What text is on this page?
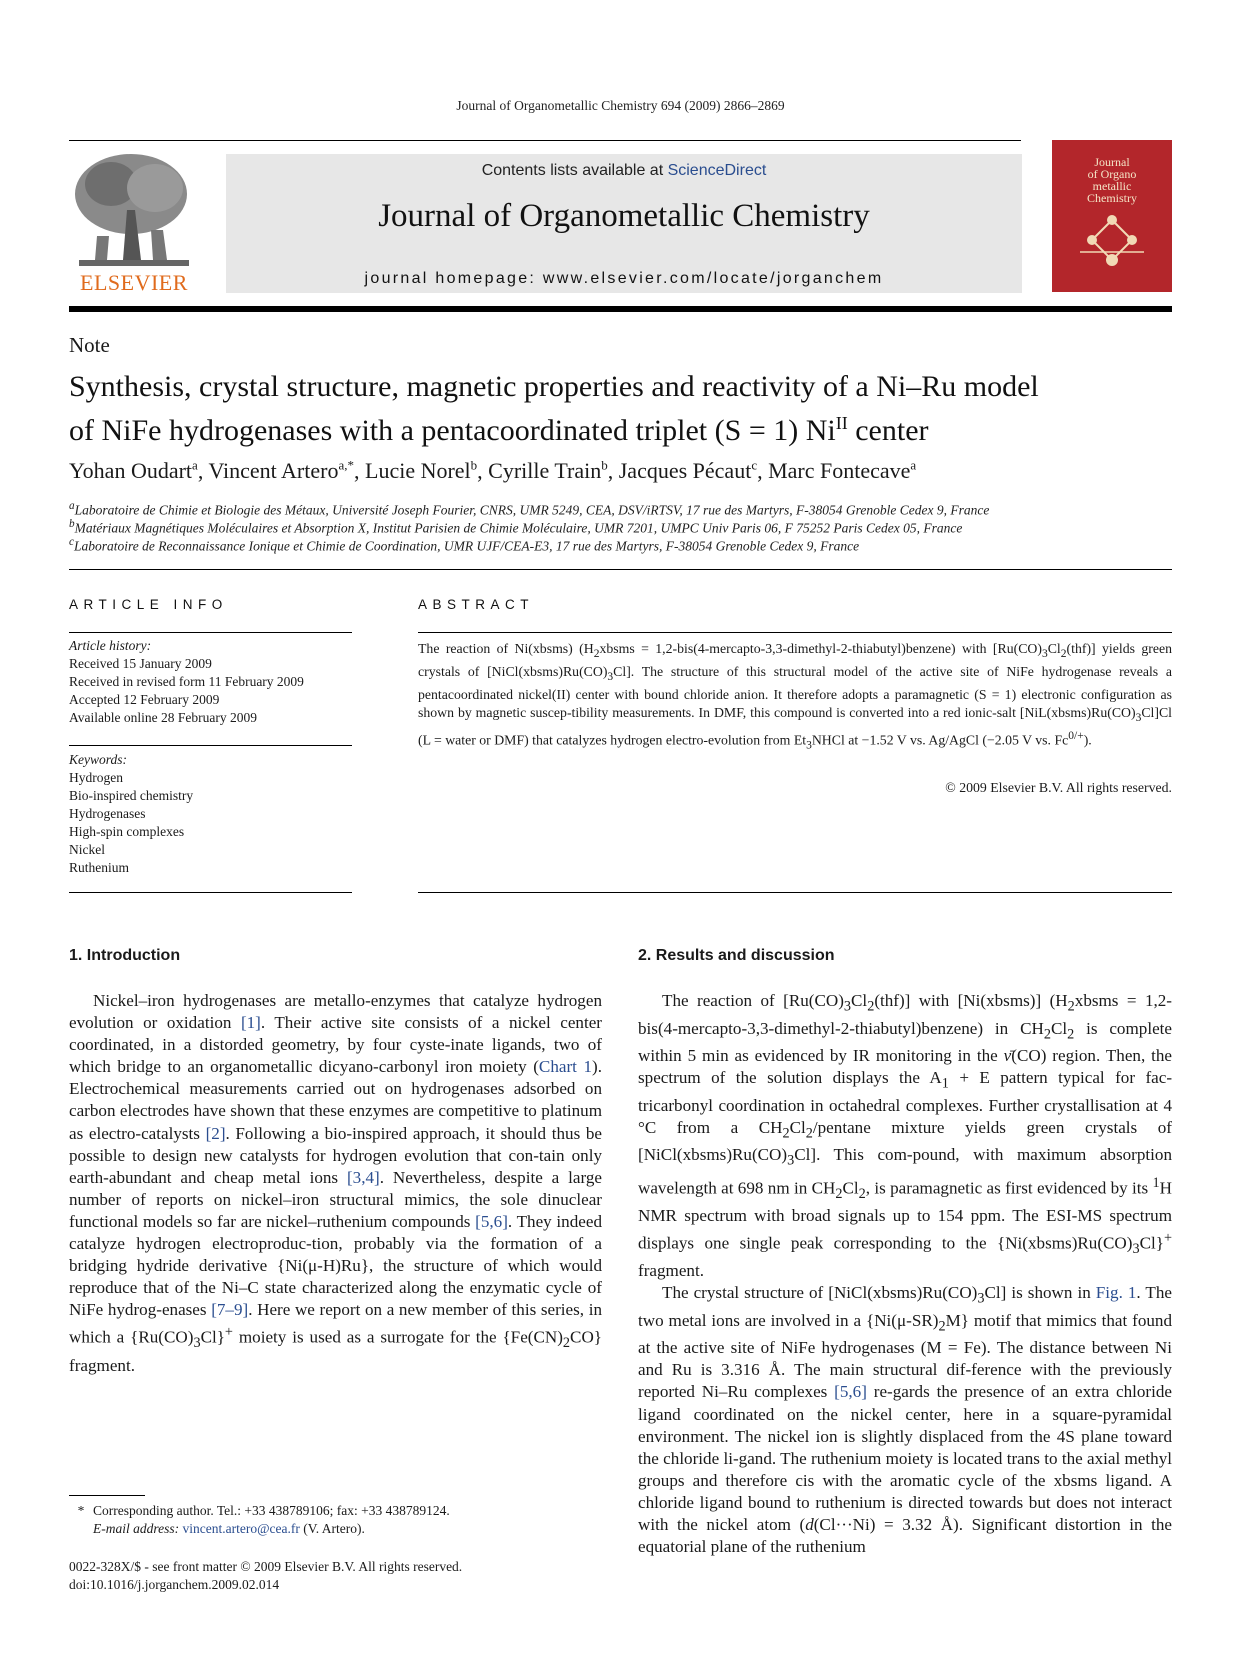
Journal of Organometallic Chemistry 694 (2009) 2866–2869
ELSEVIER
Contents lists available at ScienceDirect
Journal of Organometallic Chemistry
journal homepage: www.elsevier.com/locate/jorganchem
Journal
of Organo
metallic
Chemistry
Note
Synthesis, crystal structure, magnetic properties and reactivity of a Ni–Ru model
of NiFe hydrogenases with a pentacoordinated triplet (S = 1) $Ni^{II}$ center
Yohan Oudart$^a$, Vincent Artero$^{a,*}$, Lucie Norel$^b$, Cyrille Train$^b$, Jacques Pécaut$^c$, Marc Fontecave$^a$
$^a$Laboratoire de Chimie et Biologie des Métaux, Université Joseph Fourier, CNRS, UMR 5249, CEA, DSV/iRTSV, 17 rue des Martyrs, F-38054 Grenoble Cedex 9, France
$^b$Matériaux Magnétiques Moléculaires et Absorption X, Institut Parisien de Chimie Moléculaire, UMR 7201, UMPC Univ Paris 06, F 75252 Paris Cedex 05, France
$^c$Laboratoire de Reconnaissance Ionique et Chimie de Coordination, UMR UJF/CEA-E3, 17 rue des Martyrs, F-38054 Grenoble Cedex 9, France
ARTICLE INFO
Article history:
Received 15 January 2009
Received in revised form 11 February 2009
Accepted 12 February 2009
Available online 28 February 2009
Keywords:
Hydrogen
Bio-inspired chemistry
Hydrogenases
High-spin complexes
Nickel
Ruthenium
ABSTRACT
The reaction of Ni(xbsms) ($H_2xbsms$ = 1,2-bis(4-mercapto-3,3-dimethyl-2-thiabutyl)benzene) with $[Ru(CO)_3Cl_2(thf)]$ yields green crystals of $[NiCl(xbsms)Ru(CO)_3Cl]$. The structure of this structural model of the active site of NiFe hydrogenase reveals a pentacoordinated nickel(II) center with bound chloride anion. It therefore adopts a paramagnetic (S = 1) electronic configuration as shown by magnetic suscep-tibility measurements. In DMF, this compound is converted into a red ionic-salt $[NiL(xbsms)Ru(CO)_3Cl]Cl$ (L = water or DMF) that catalyzes hydrogen electro-evolution from $Et_3NHCl$ at −1.52 V vs. Ag/AgCl (−2.05 V vs. $Fc^{0/+}$).
© 2009 Elsevier B.V. All rights reserved.
1. Introduction

Nickel–iron hydrogenases are metallo-enzymes that catalyze hydrogen evolution or oxidation [1]. Their active site consists of a nickel center coordinated, in a distorded geometry, by four cyste-inate ligands, two of which bridge to an organometallic dicyano-carbonyl iron moiety (Chart 1). Electrochemical measurements carried out on hydrogenases adsorbed on carbon electrodes have shown that these enzymes are competitive to platinum as electro-catalysts [2]. Following a bio-inspired approach, it should thus be possible to design new catalysts for hydrogen evolution that con-tain only earth-abundant and cheap metal ions [3,4]. Nevertheless, despite a large number of reports on nickel–iron structural mimics, the sole dinuclear functional models so far are nickel–ruthenium compounds [5,6]. They indeed catalyze hydrogen electroproduc-tion, probably via the formation of a bridging hydride derivative {Ni(μ-H)Ru}, the structure of which would reproduce that of the Ni–C state characterized along the enzymatic cycle of NiFe hydrog-enases [7–9]. Here we report on a new member of this series, in which a $\{Ru(CO)_3Cl\}^+$ moiety is used as a surrogate for the $\{Fe(CN)_2CO\}$ fragment.

* Corresponding author. Tel.: +33 438789106; fax: +33 438789124.
E-mail address: vincent.artero@cea.fr (V. Artero).
0022-328X/$ - see front matter © 2009 Elsevier B.V. All rights reserved.
doi:10.1016/j.jorganchem.2009.02.014
2. Results and discussion

The reaction of $[Ru(CO)_3Cl_2(thf)]$ with [Ni(xbsms)] ($H_2xbsms$ = 1,2-bis(4-mercapto-3,3-dimethyl-2-thiabutyl)benzene) in $CH_2Cl_2$ is complete within 5 min as evidenced by IR monitoring in the ν̄(CO) region. Then, the spectrum of the solution displays the $A_1 + E$ pattern typical for fac-tricarbonyl coordination in octahedral complexes. Further crystallisation at 4 °C from a $CH_2Cl_2$/pentane mixture yields green crystals of $[NiCl(xbsms)Ru(CO)_3Cl]$. This com-pound, with maximum absorption wavelength at 698 nm in $CH_2Cl_2$, is paramagnetic as first evidenced by its $^1$H NMR spectrum with broad signals up to 154 ppm. The ESI-MS spectrum displays one single peak corresponding to the $\{Ni(xbsms)Ru(CO)_3Cl\}^+$ fragment.

The crystal structure of $[NiCl(xbsms)Ru(CO)_3Cl]$ is shown in Fig. 1. The two metal ions are involved in a $\{Ni(\mu-SR)_2M\}$ motif that mimics that found at the active site of NiFe hydrogenases (M = Fe). The distance between Ni and Ru is 3.316 Å. The main structural dif-ference with the previously reported Ni–Ru complexes [5,6] re-gards the presence of an extra chloride ligand coordinated on the nickel center, here in a square-pyramidal environment. The nickel ion is slightly displaced from the 4S plane toward the chloride li-gand. The ruthenium moiety is located trans to the axial methyl groups and therefore cis with the aromatic cycle of the xbsms ligand. A chloride ligand bound to ruthenium is directed towards but does not interact with the nickel atom (d(Cl···Ni) = 3.32 Å). Significant distortion in the equatorial plane of the ruthenium
